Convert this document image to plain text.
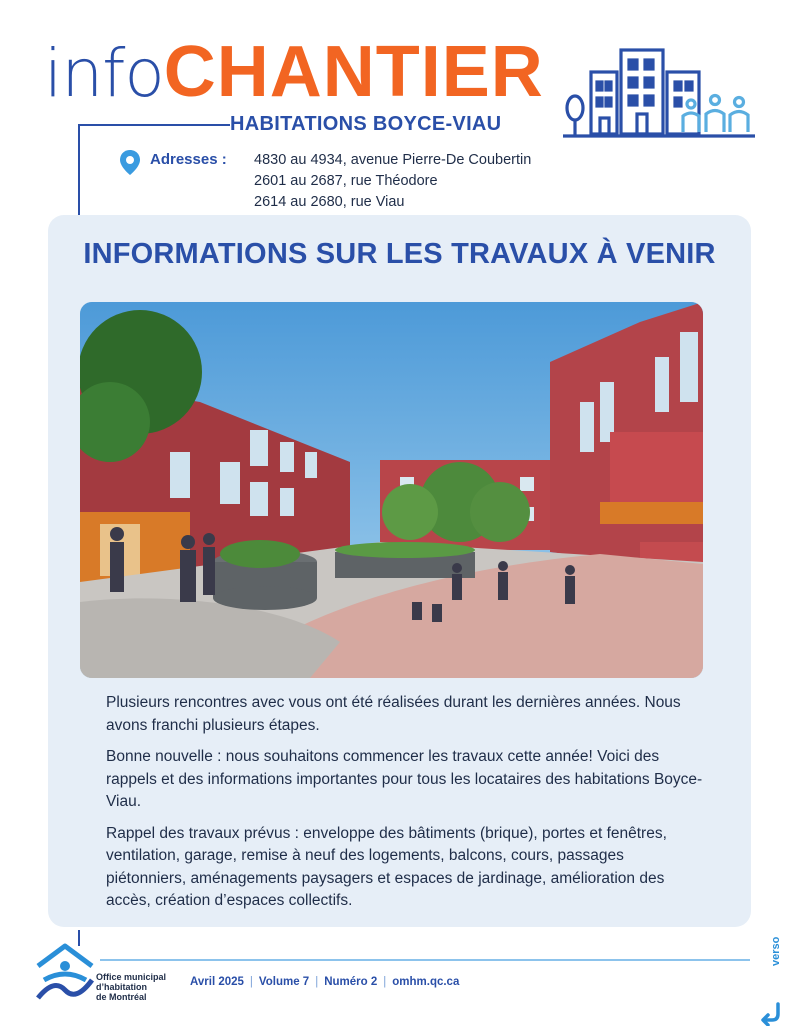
infoCHANTIER
HABITATIONS BOYCE-VIAU
Adresses : 4830 au 4934, avenue Pierre-De Coubertin
2601 au 2687, rue Théodore
2614 au 2680, rue Viau
INFORMATIONS SUR LES TRAVAUX À VENIR

Plusieurs rencontres avec vous ont été réalisées durant les dernières années. Nous avons franchi plusieurs étapes.

Bonne nouvelle : nous souhaitons commencer les travaux cette année! Voici des rappels et des informations importantes pour tous les locataires des habitations Boyce-Viau.

Rappel des travaux prévus : enveloppe des bâtiments (brique), portes et fenêtres, ventilation, garage, remise à neuf des logements, balcons, cours, passages piétonniers, aménagements paysagers et espaces de jardinage, amélioration des accès, création d’espaces collectifs.

Office municipal
d’habitation
de Montréal
Avril 2025 | Volume 7 | Numéro 2 | omhm.qc.ca
verso
